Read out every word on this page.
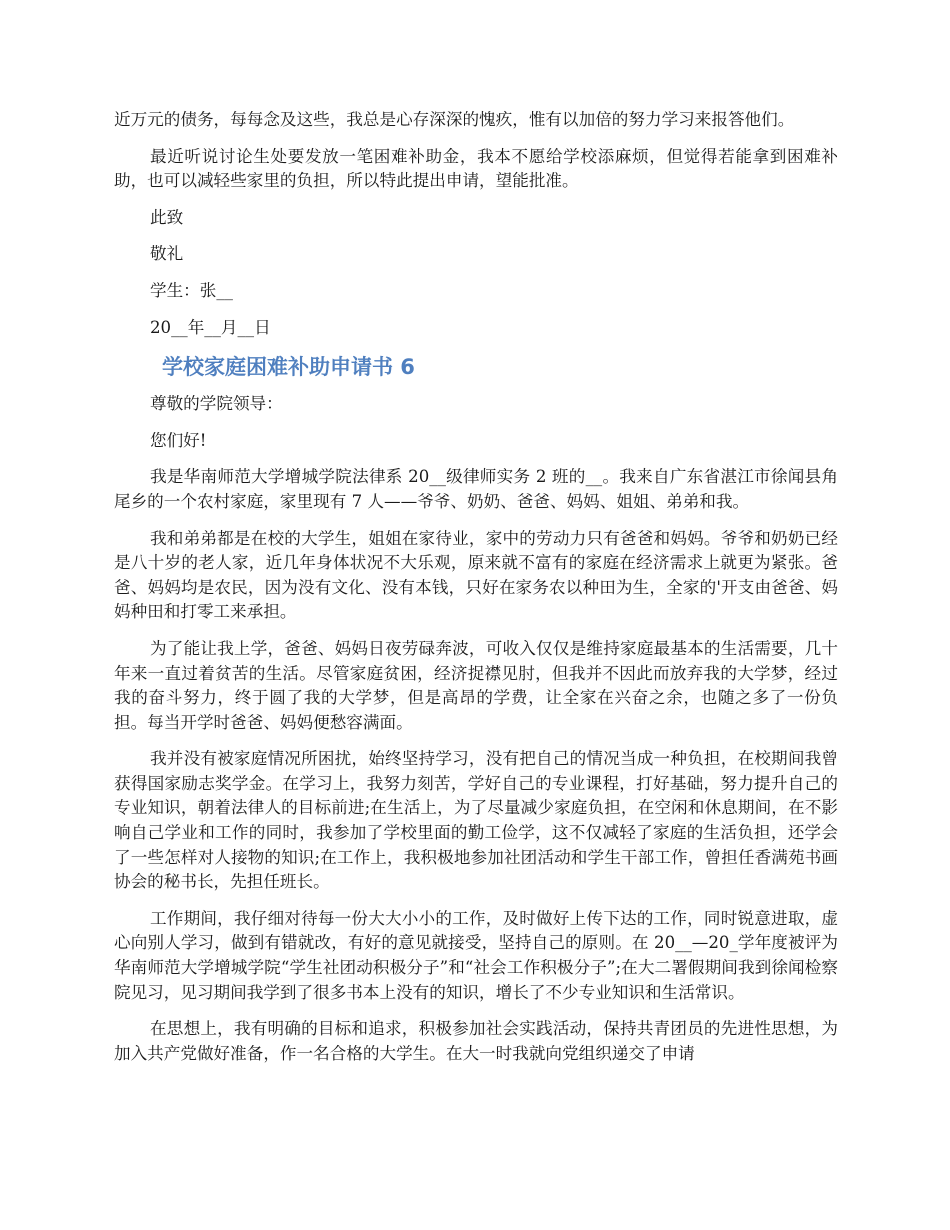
近万元的债务，每每念及这些，我总是心存深深的愧疚，惟有以加倍的努力学习来报答他们。

最近听说讨论生处要发放一笔困难补助金，我本不愿给学校添麻烦，但觉得若能拿到困难补助，也可以减轻些家里的负担，所以特此提出申请，望能批准。

此致

敬礼

学生：张__

20__年__月__日

学校家庭困难补助申请书 6

尊敬的学院领导：

您们好!

我是华南师范大学增城学院法律系 20__级律师实务 2 班的__。我来自广东省湛江市徐闻县角尾乡的一个农村家庭，家里现有 7 人——爷爷、奶奶、爸爸、妈妈、姐姐、弟弟和我。

我和弟弟都是在校的大学生，姐姐在家待业，家中的劳动力只有爸爸和妈妈。爷爷和奶奶已经是八十岁的老人家，近几年身体状况不大乐观，原来就不富有的家庭在经济需求上就更为紧张。爸爸、妈妈均是农民，因为没有文化、没有本钱，只好在家务农以种田为生，全家的'开支由爸爸、妈妈种田和打零工来承担。

为了能让我上学，爸爸、妈妈日夜劳碌奔波，可收入仅仅是维持家庭最基本的生活需要，几十年来一直过着贫苦的生活。尽管家庭贫困，经济捉襟见肘，但我并不因此而放弃我的大学梦，经过我的奋斗努力，终于圆了我的大学梦，但是高昂的学费，让全家在兴奋之余，也随之多了一份负担。每当开学时爸爸、妈妈便愁容满面。

我并没有被家庭情况所困扰，始终坚持学习，没有把自己的情况当成一种负担，在校期间我曾获得国家励志奖学金。在学习上，我努力刻苦，学好自己的专业课程，打好基础，努力提升自己的专业知识，朝着法律人的目标前进;在生活上，为了尽量减少家庭负担，在空闲和休息期间，在不影响自己学业和工作的同时，我参加了学校里面的勤工俭学，这不仅减轻了家庭的生活负担，还学会了一些怎样对人接物的知识;在工作上，我积极地参加社团活动和学生干部工作，曾担任香满苑书画协会的秘书长，先担任班长。

工作期间，我仔细对待每一份大大小小的工作，及时做好上传下达的工作，同时锐意进取，虚心向别人学习，做到有错就改，有好的意见就接受，坚持自己的原则。在 20__—20_学年度被评为华南师范大学增城学院“学生社团动积极分子”和“社会工作积极分子”;在大二署假期间我到徐闻检察院见习，见习期间我学到了很多书本上没有的知识，增长了不少专业知识和生活常识。

在思想上，我有明确的目标和追求，积极参加社会实践活动，保持共青团员的先进性思想，为加入共产党做好准备，作一名合格的大学生。在大一时我就向党组织递交了申请
